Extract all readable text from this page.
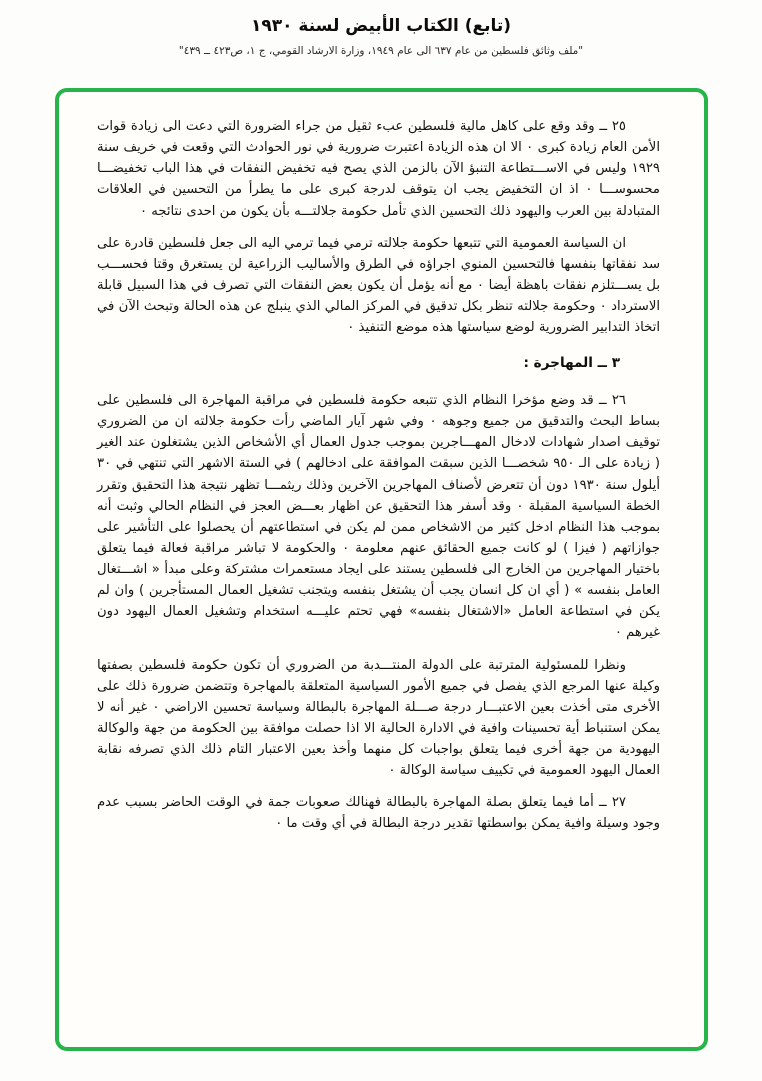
(تابع) الكتاب الأبيض لسنة ١٩٣٠
"ملف وثائق فلسطين من عام ٦٣٧ الى عام ١٩٤٩، وزارة الارشاد القومي، ج ١، ص٤٢٣ ــ ٤٣٩"

٢٥ ــ وقد وقع على كاهل مالية فلسطين عبء ثقيل من جراء الضرورة التي دعت الى زيادة قوات الأمن العام زيادة كبرى ٠ الا ان هذه الزيادة اعتبرت ضرورية في نور الحوادث التي وقعت في خريف سنة ١٩٢٩ وليس في الاســـتطاعة التنبؤ الآن بالزمن الذي يصح فيه تخفيض النفقات في هذا الباب تخفيضـــا محسوســـا ٠ اذ ان التخفيض يجب ان يتوقف لدرجة كبرى على ما يطرأ من التحسين في العلاقات المتبادلة بين العرب واليهود ذلك التحسين الذي تأمل حكومة جلالتـــه بأن يكون من احدى نتائجه ٠

ان السياسة العمومية التي تتبعها حكومة جلالته ترمي فيما ترمي اليه الى جعل فلسطين قادرة على سد نفقاتها بنفسها فالتحسين المنوي اجراؤه في الطرق والأساليب الزراعية لن يستغرق وقتا فحســـب بل يســـتلزم نفقات باهظة أيضا ٠ مع أنه يؤمل أن يكون بعض النفقات التي تصرف في هذا السبيل قابلة الاسترداد ٠ وحكومة جلالته تنظر بكل تدقيق في المركز المالي الذي ينبلج عن هذه الحالة وتبحث الآن في اتخاذ التدابير الضرورية لوضع سياستها هذه موضع التنفيذ ٠

٣ ــ المهاجرة :

٢٦ ــ قد وضع مؤخرا النظام الذي تتبعه حكومة فلسطين في مراقبة المهاجرة الى فلسطين على بساط البحث والتدقيق من جميع وجوهه ٠ وفي شهر آيار الماضي رأت حكومة جلالته ان من الضروري توقيف اصدار شهادات لادخال المهـــاجرين بموجب جدول العمال أي الأشخاص الذين يشتغلون عند الغير ( زيادة على الـ ٩٥٠ شخصـــا الذين سبقت الموافقة على ادخالهم ) في الستة الاشهر التي تنتهي في ٣٠ أيلول سنة ١٩٣٠ دون أن تتعرض لأصناف المهاجرين الآخرين وذلك ريثمـــا تظهر نتيجة هذا التحقيق وتقرر الخطة السياسية المقبلة ٠ وقد أسفر هذا التحقيق عن اظهار بعـــض العجز في النظام الحالي وثبت أنه بموجب هذا النظام ادخل كثير من الاشخاص ممن لم يكن في استطاعتهم أن يحصلوا على التأشير على جوازاتهم ( فيزا ) لو كانت جميع الحقائق عنهم معلومة ٠ والحكومة لا تباشر مراقبة فعالة فيما يتعلق باختيار المهاجرين من الخارج الى فلسطين يستند على ايجاد مستعمرات مشتركة وعلى مبدأ « اشـــتغال العامل بنفسه » ( أي ان كل انسان يجب أن يشتغل بنفسه ويتجنب تشغيل العمال المستأجرين ) وان لم يكن في استطاعة العامل «الاشتغال بنفسه» فهي تحتم عليـــه استخدام وتشغيل العمال اليهود دون غيرهم ٠

ونظرا للمسئولية المترتبة على الدولة المنتـــدبة من الضروري أن تكون حكومة فلسطين بصفتها وكيلة عنها المرجع الذي يفصل في جميع الأمور السياسية المتعلقة بالمهاجرة وتتضمن ضرورة ذلك على الأخرى متى أخذت بعين الاعتبـــار درجة صـــلة المهاجرة بالبطالة وسياسة تحسين الاراضي ٠ غير أنه لا يمكن استنباط أية تحسينات وافية في الادارة الحالية الا اذا حصلت موافقة بين الحكومة من جهة والوكالة اليهودية من جهة أخرى فيما يتعلق بواجبات كل منهما وأخذ بعين الاعتبار التام ذلك الذي تصرفه نقابة العمال اليهود العمومية في تكييف سياسة الوكالة ٠

٢٧ ــ أما فيما يتعلق بصلة المهاجرة بالبطالة فهنالك صعوبات جمة في الوقت الحاضر بسبب عدم وجود وسيلة وافية يمكن بواسطتها تقدير درجة البطالة في أي وقت ما ٠
